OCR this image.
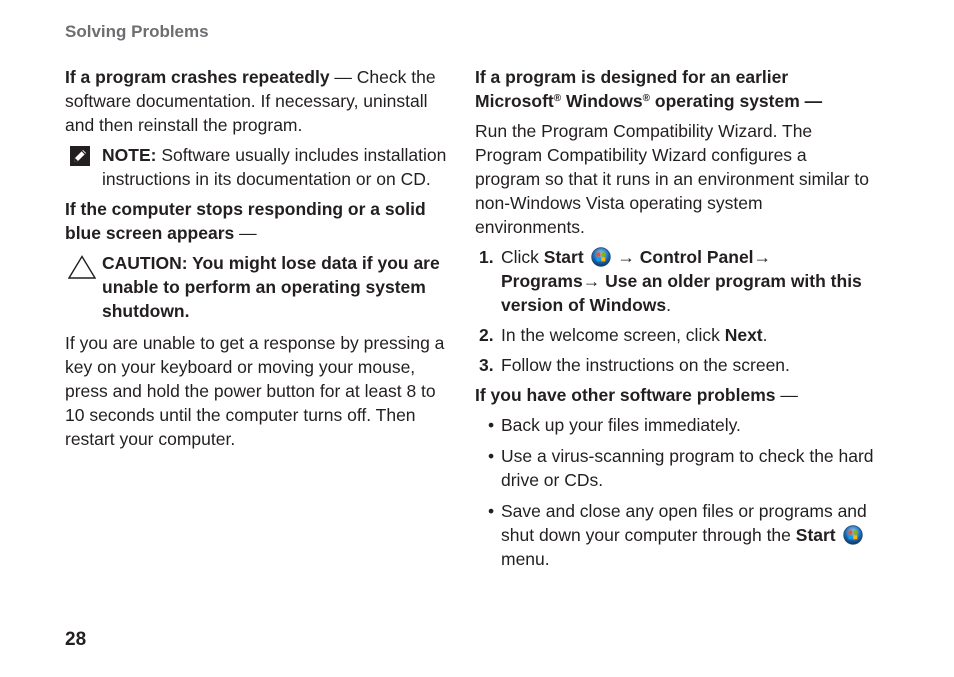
Solving Problems

If a program crashes repeatedly — Check the software documentation. If necessary, uninstall and then reinstall the program.

NOTE: Software usually includes installation instructions in its documentation or on CD.

If the computer stops responding or a solid blue screen appears —

CAUTION: You might lose data if you are unable to perform an operating system shutdown.

If you are unable to get a response by pressing a key on your keyboard or moving your mouse, press and hold the power button for at least 8 to 10 seconds until the computer turns off. Then restart your computer.

If a program is designed for an earlier Microsoft® Windows® operating system —

Run the Program Compatibility Wizard. The Program Compatibility Wizard configures a program so that it runs in an environment similar to non-Windows Vista operating system environments.

1. Click Start  → Control Panel→ Programs→ Use an older program with this version of Windows.
2. In the welcome screen, click Next.
3. Follow the instructions on the screen.

If you have other software problems —

• Back up your files immediately.
• Use a virus-scanning program to check the hard drive or CDs.
• Save and close any open files or programs and shut down your computer through the Start  menu.
28
